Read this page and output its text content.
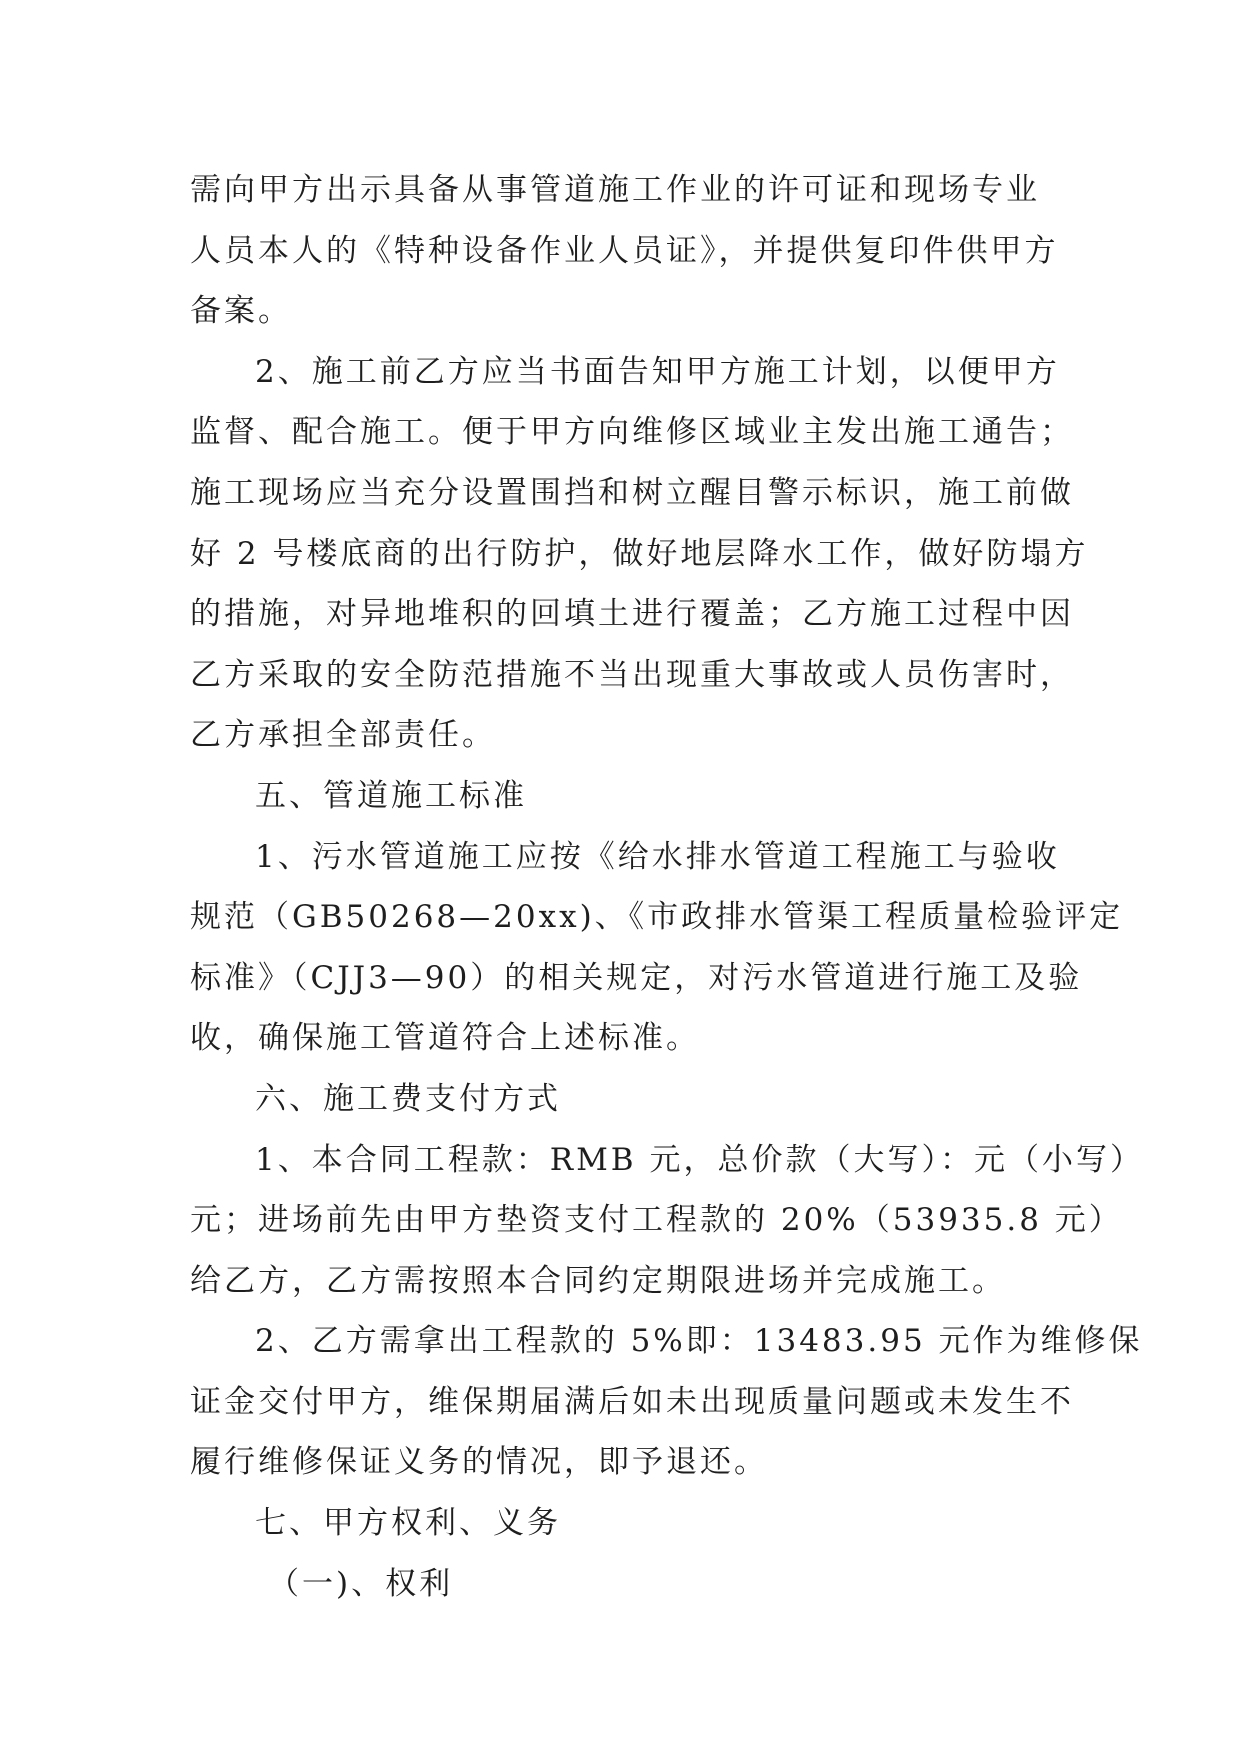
需向甲方出示具备从事管道施工作业的许可证和现场专业
人员本人的《特种设备作业人员证》，并提供复印件供甲方
备案。

2、施工前乙方应当书面告知甲方施工计划，以便甲方
监督、配合施工。便于甲方向维修区域业主发出施工通告；
施工现场应当充分设置围挡和树立醒目警示标识，施工前做
好 2 号楼底商的出行防护，做好地层降水工作，做好防塌方
的措施，对异地堆积的回填土进行覆盖；乙方施工过程中因
乙方采取的安全防范措施不当出现重大事故或人员伤害时，
乙方承担全部责任。

五、管道施工标准

1、污水管道施工应按《给水排水管道工程施工与验收
规范（GB50268—20xx)、《市政排水管渠工程质量检验评定
标准》（CJJ3—90）的相关规定，对污水管道进行施工及验
收，确保施工管道符合上述标准。

六、施工费支付方式

1、本合同工程款：RMB 元，总价款（大写）：元（小写）
元；进场前先由甲方垫资支付工程款的 20%（53935.8 元）
给乙方，乙方需按照本合同约定期限进场并完成施工。

2、乙方需拿出工程款的 5%即：13483.95 元作为维修保
证金交付甲方，维保期届满后如未出现质量问题或未发生不
履行维修保证义务的情况，即予退还。

七、甲方权利、义务

（一)、权利
